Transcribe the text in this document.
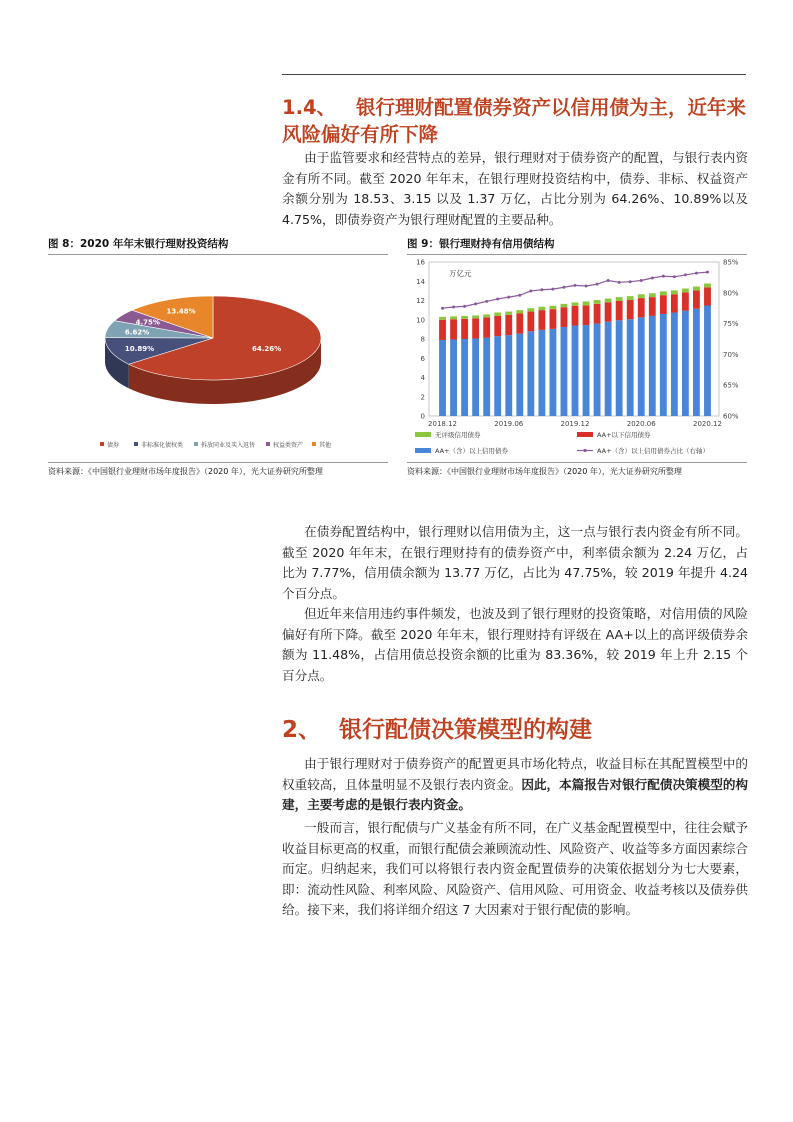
1.4、 银行理财配置债券资产以信用债为主，近年来风险偏好有所下降

由于监管要求和经营特点的差异，银行理财对于债券资产的配置，与银行表内资金有所不同。截至 2020 年年末，在银行理财投资结构中，债券、非标、权益资产余额分别为 18.53、3.15 以及 1.37 万亿，占比分别为 64.26%、10.89%以及 4.75%，即债券资产为银行理财配置的主要品种。

图 8：2020 年年末银行理财投资结构
64.26%
10.89%
6.62%
4.75%
13.48%
债券	非标准化债权类	拆放同业及买入返售	权益类资产	其他
资料来源：《中国银行业理财市场年度报告》（2020 年），光大证券研究所整理
图 9：银行理财持有信用债结构
0
2
4
6
8
10
12
14
16
60%
65%
70%
75%
80%
85%
万亿元
2018.12	2019.06	2019.12	2020.06	2020.12
无评级信用债券	AA+以下信用债券
AA+（含）以上信用债券	AA+（含）以上信用债券占比（右轴）
资料来源：《中国银行业理财市场年度报告》（2020 年），光大证券研究所整理

在债券配置结构中，银行理财以信用债为主，这一点与银行表内资金有所不同。截至 2020 年年末，在银行理财持有的债券资产中，利率债余额为 2.24 万亿，占比为 7.77%，信用债余额为 13.77 万亿，占比为 47.75%，较 2019 年提升 4.24 个百分点。

但近年来信用违约事件频发，也波及到了银行理财的投资策略，对信用债的风险偏好有所下降。截至 2020 年年末，银行理财持有评级在 AA+以上的高评级债券余额为 11.48%，占信用债总投资余额的比重为 83.36%，较 2019 年上升 2.15 个百分点。

2、 银行配债决策模型的构建

由于银行理财对于债券资产的配置更具市场化特点，收益目标在其配置模型中的权重较高，且体量明显不及银行表内资金。因此，本篇报告对银行配债决策模型的构建，主要考虑的是银行表内资金。

一般而言，银行配债与广义基金有所不同，在广义基金配置模型中，往往会赋予收益目标更高的权重，而银行配债会兼顾流动性、风险资产、收益等多方面因素综合而定。归纳起来，我们可以将银行表内资金配置债券的决策依据划分为七大要素，即：流动性风险、利率风险、风险资产、信用风险、可用资金、收益考核以及债券供给。接下来，我们将详细介绍这 7 大因素对于银行配债的影响。
